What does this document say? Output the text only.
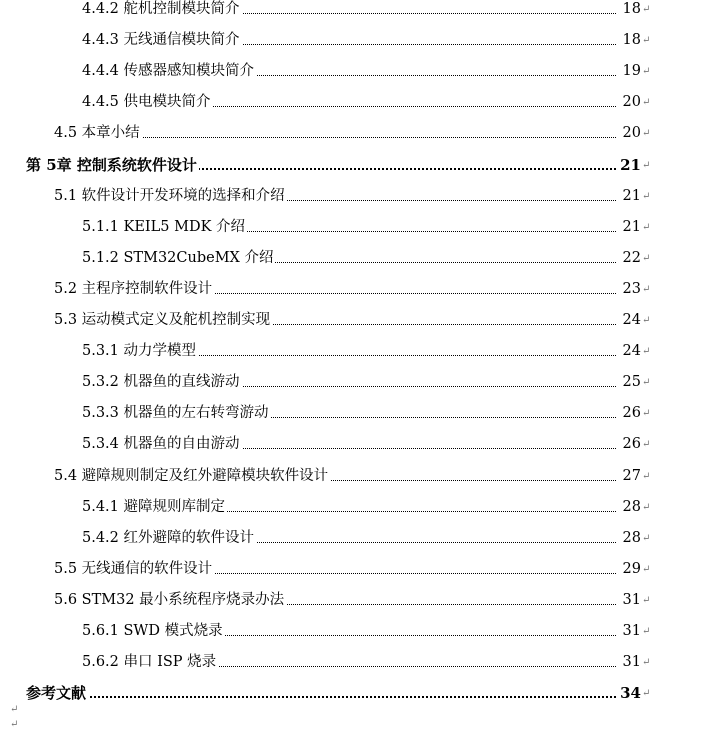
4.4.2 舵机控制模块简介	18 ↵
4.4.3 无线通信模块简介	18 ↵
4.4.4 传感器感知模块简介	19 ↵
4.4.5 供电模块简介	20 ↵
4.5 本章小结	20 ↵
第 5章 控制系统软件设计	21 ↵
5.1 软件设计开发环境的选择和介绍	21 ↵
5.1.1 KEIL5 MDK 介绍	21 ↵
5.1.2 STM32CubeMX 介绍	22 ↵
5.2 主程序控制软件设计	23 ↵
5.3 运动模式定义及舵机控制实现	24 ↵
5.3.1 动力学模型	24 ↵
5.3.2 机器鱼的直线游动	25 ↵
5.3.3 机器鱼的左右转弯游动	26 ↵
5.3.4 机器鱼的自由游动	26 ↵
5.4 避障规则制定及红外避障模块软件设计	27 ↵
5.4.1 避障规则库制定	28 ↵
5.4.2 红外避障的软件设计	28 ↵
5.5 无线通信的软件设计	29 ↵
5.6 STM32 最小系统程序烧录办法	31 ↵
5.6.1 SWD 模式烧录	31 ↵
5.6.2 串口 ISP 烧录	31 ↵
参考文献	34 ↵
↵
↵
